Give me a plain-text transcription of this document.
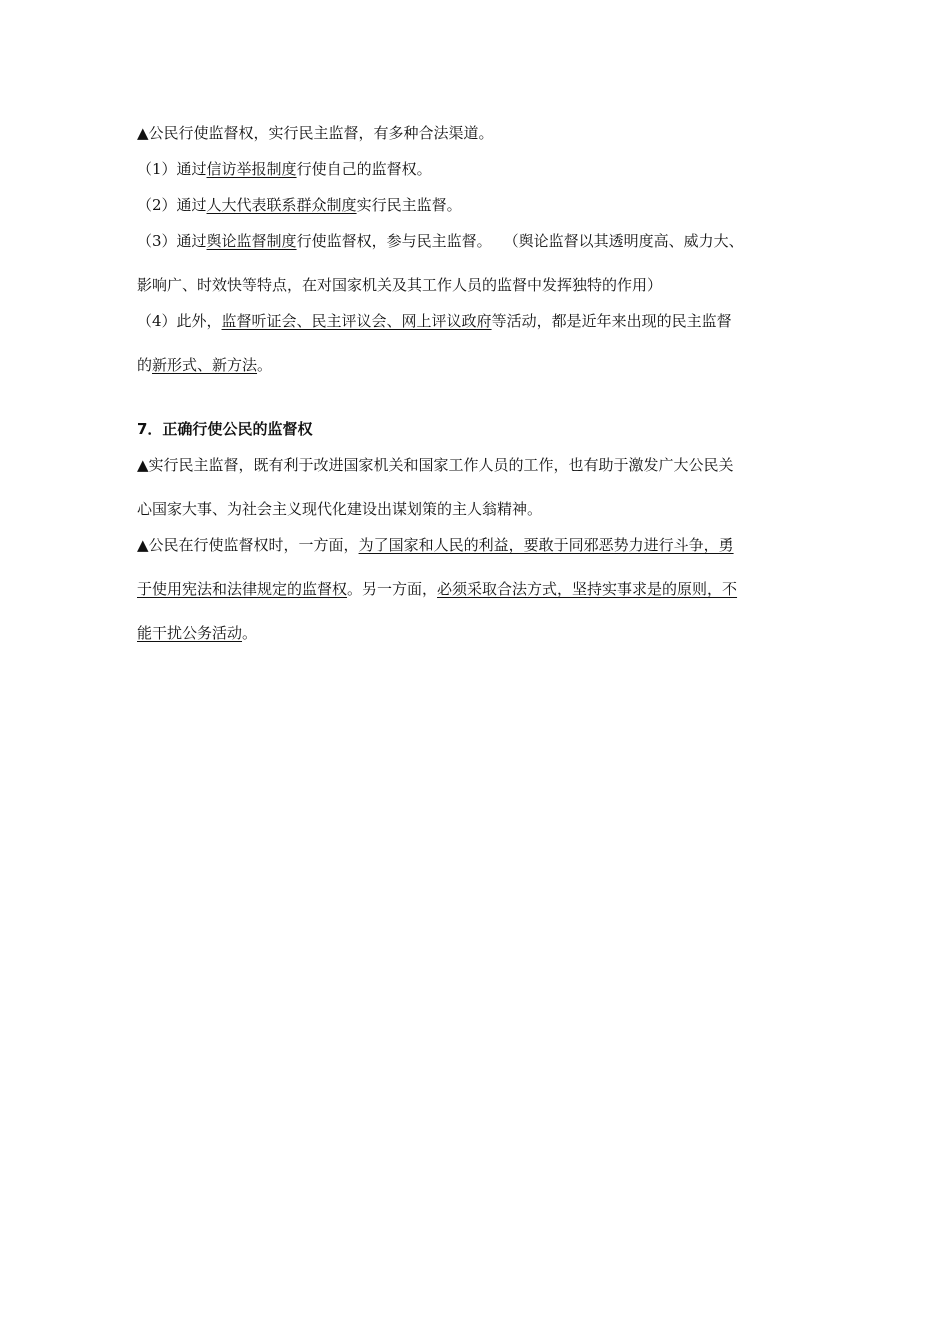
▲公民行使监督权，实行民主监督，有多种合法渠道。
（1）通过信访举报制度行使自己的监督权。
（2）通过人大代表联系群众制度实行民主监督。
（3）通过舆论监督制度行使监督权，参与民主监督。 （舆论监督以其透明度高、威力大、
影响广、时效快等特点，在对国家机关及其工作人员的监督中发挥独特的作用）
（4）此外，监督听证会、民主评议会、网上评议政府等活动，都是近年来出现的民主监督
的新形式、新方法。
7．正确行使公民的监督权
▲实行民主监督，既有利于改进国家机关和国家工作人员的工作，也有助于激发广大公民关
心国家大事、为社会主义现代化建设出谋划策的主人翁精神。
▲公民在行使监督权时，一方面，为了国家和人民的利益，要敢于同邪恶势力进行斗争，勇
于使用宪法和法律规定的监督权。另一方面，必须采取合法方式，坚持实事求是的原则，不
能干扰公务活动。
